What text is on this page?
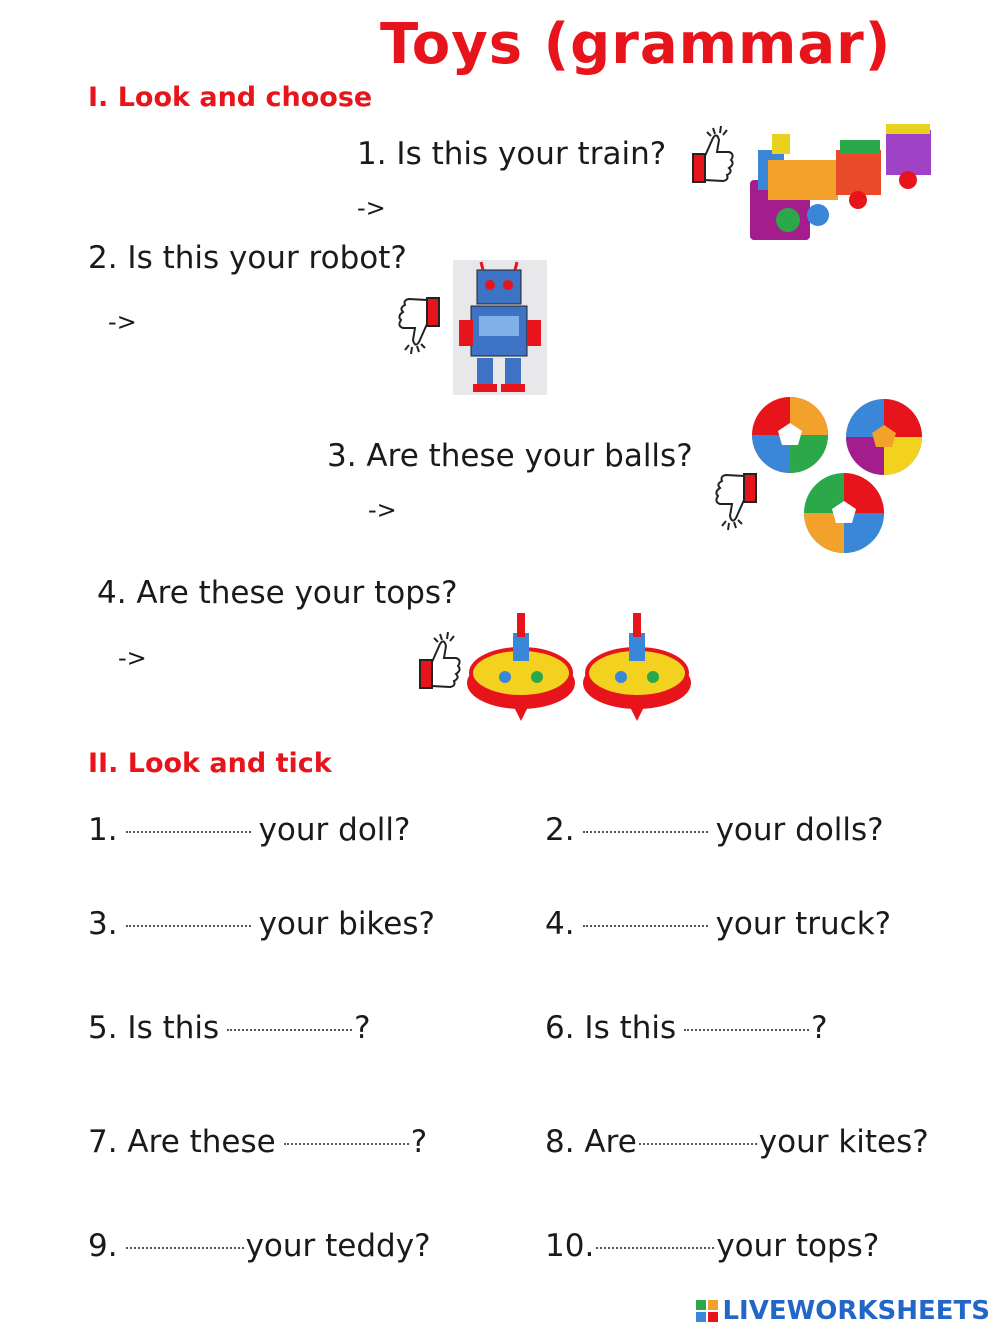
Toys (grammar)
I. Look and choose
1. Is this your train?
->
2. Is this your robot?
->
3. Are these your balls?
->
4. Are these your tops?
->
II. Look and tick
1.	your doll?	2.	your dolls?
3.	your bikes?	4.	your truck?
5. Is this	?	6. Is this	?
7. Are these	?	8. Are	your kites?
9.	your teddy?	10.	your tops?
LIVEWORKSHEETS
